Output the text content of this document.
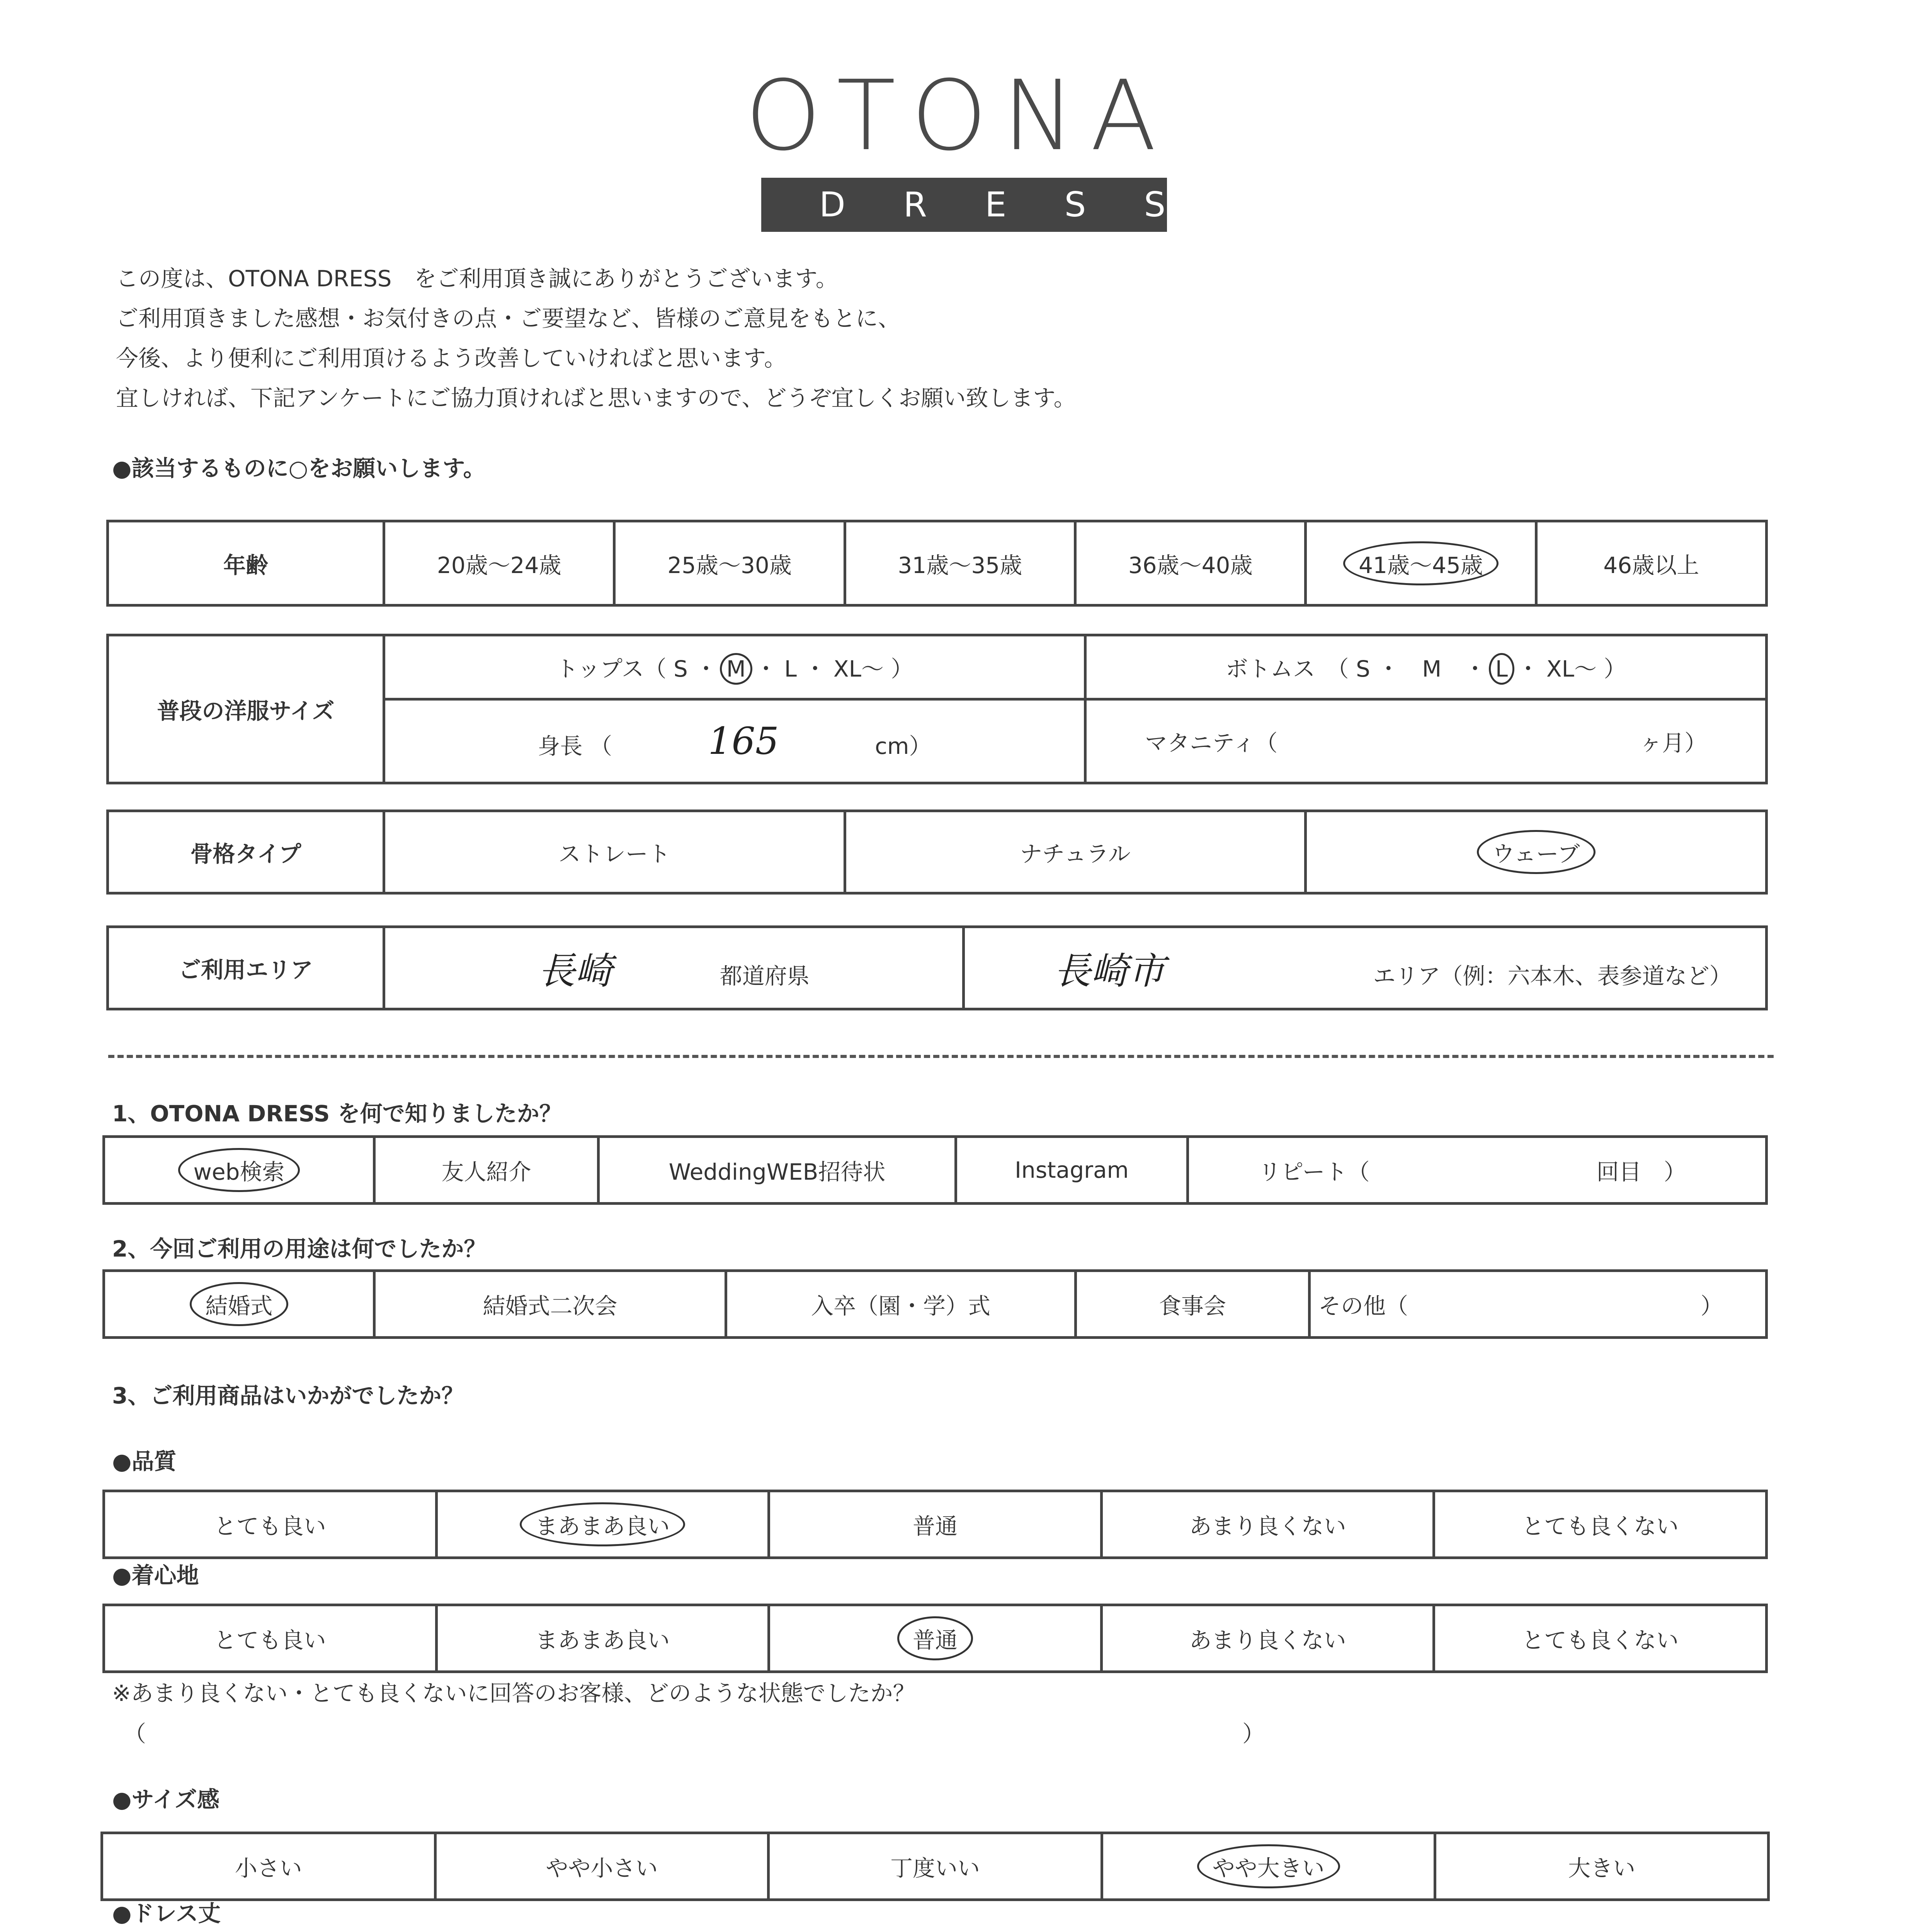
OTONA
DRESS
この度は、OTONA DRESS　をご利用頂き誠にありがとうございます。
ご利用頂きました感想・お気付きの点・ご要望など、皆様のご意見をもとに、
今後、より便利にご利用頂けるよう改善していければと思います。
宜しければ、下記アンケートにご協力頂ければと思いますので、どうぞ宜しくお願い致します。
●該当するものに○をお願いします。
年齢	20歳〜24歳	25歳〜30歳	31歳〜35歳	36歳〜40歳	41歳〜45歳	46歳以上
普段の洋服サイズ	トップス（ S ・ M ・ L ・ XL〜 ）	ボトムス　（ S ・　M　・ L ・ XL〜 ）
	身長 （ 165 cm）	マタニティ（ ヶ月）
骨格タイプ	ストレート	ナチュラル	ウェーブ
ご利用エリア	長崎	都道府県	長崎市	エリア（例：六本木、表参道など）
1、OTONA DRESS を何で知りましたか？
web検索	友人紹介	WeddingWEB招待状	Instagram	リピート（	回目　）
2、今回ご利用の用途は何でしたか？
結婚式	結婚式二次会	入卒（園・学）式	食事会	その他（	）
3、ご利用商品はいかがでしたか？
●品質
とても良い	まあまあ良い	普通	あまり良くない	とても良くない
●着心地
とても良い	まあまあ良い	普通	あまり良くない	とても良くない
※あまり良くない・とても良くないに回答のお客様、どのような状態でしたか？
（	）
●サイズ感
小さい	やや小さい	丁度いい	やや大きい	大きい
●ドレス丈
